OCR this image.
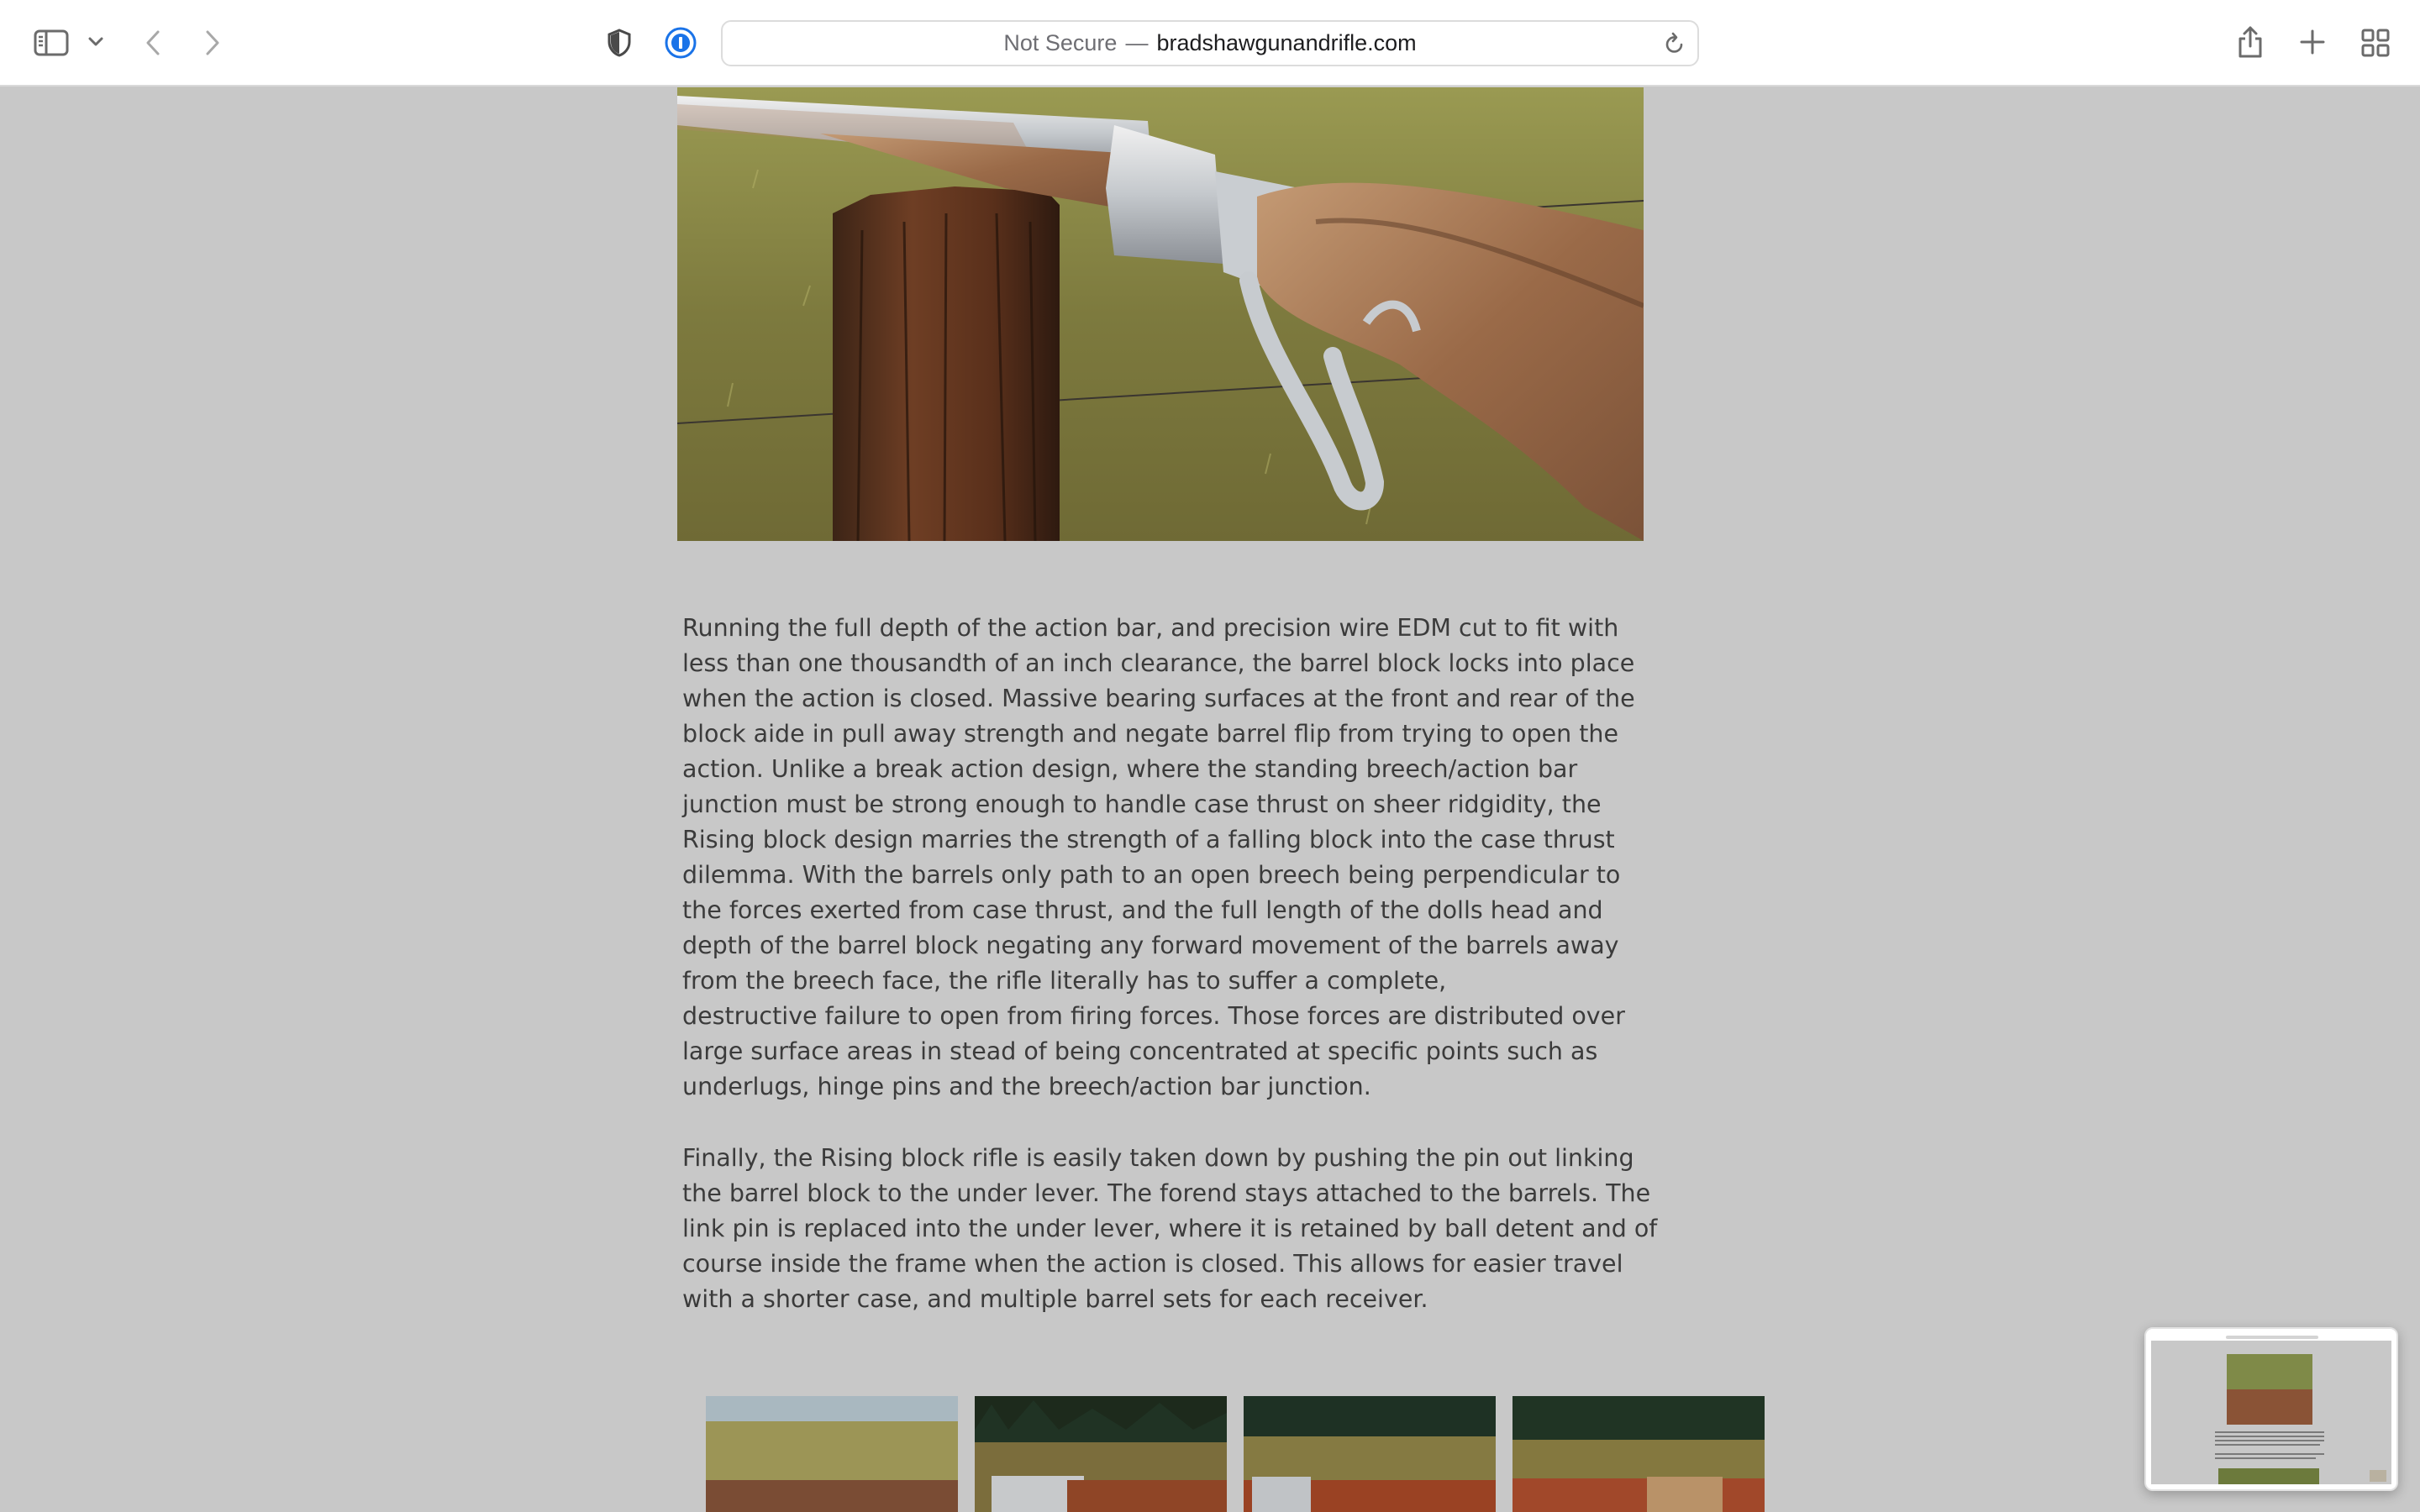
Not Secure — bradshawgunandrifle.com
Running the full depth of the action bar, and precision wire EDM cut to fit with
less than one thousandth of an inch clearance, the barrel block locks into place
when the action is closed. Massive bearing surfaces at the front and rear of the
block aide in pull away strength and negate barrel flip from trying to open the
action. Unlike a break action design, where the standing breech/action bar
junction must be strong enough to handle case thrust on sheer ridgidity, the
Rising block design marries the strength of a falling block into the case thrust
dilemma. With the barrels only path to an open breech being perpendicular to
the forces exerted from case thrust, and the full length of the dolls head and
depth of the barrel block negating any forward movement of the barrels away
from the breech face, the rifle literally has to suffer a complete,
destructive failure to open from firing forces. Those forces are distributed over
large surface areas in stead of being concentrated at specific points such as
underlugs, hinge pins and the breech/action bar junction.
Finally, the Rising block rifle is easily taken down by pushing the pin out linking
the barrel block to the under lever. The forend stays attached to the barrels. The
link pin is replaced into the under lever, where it is retained by ball detent and of
course inside the frame when the action is closed. This allows for easier travel
with a shorter case, and multiple barrel sets for each receiver.
